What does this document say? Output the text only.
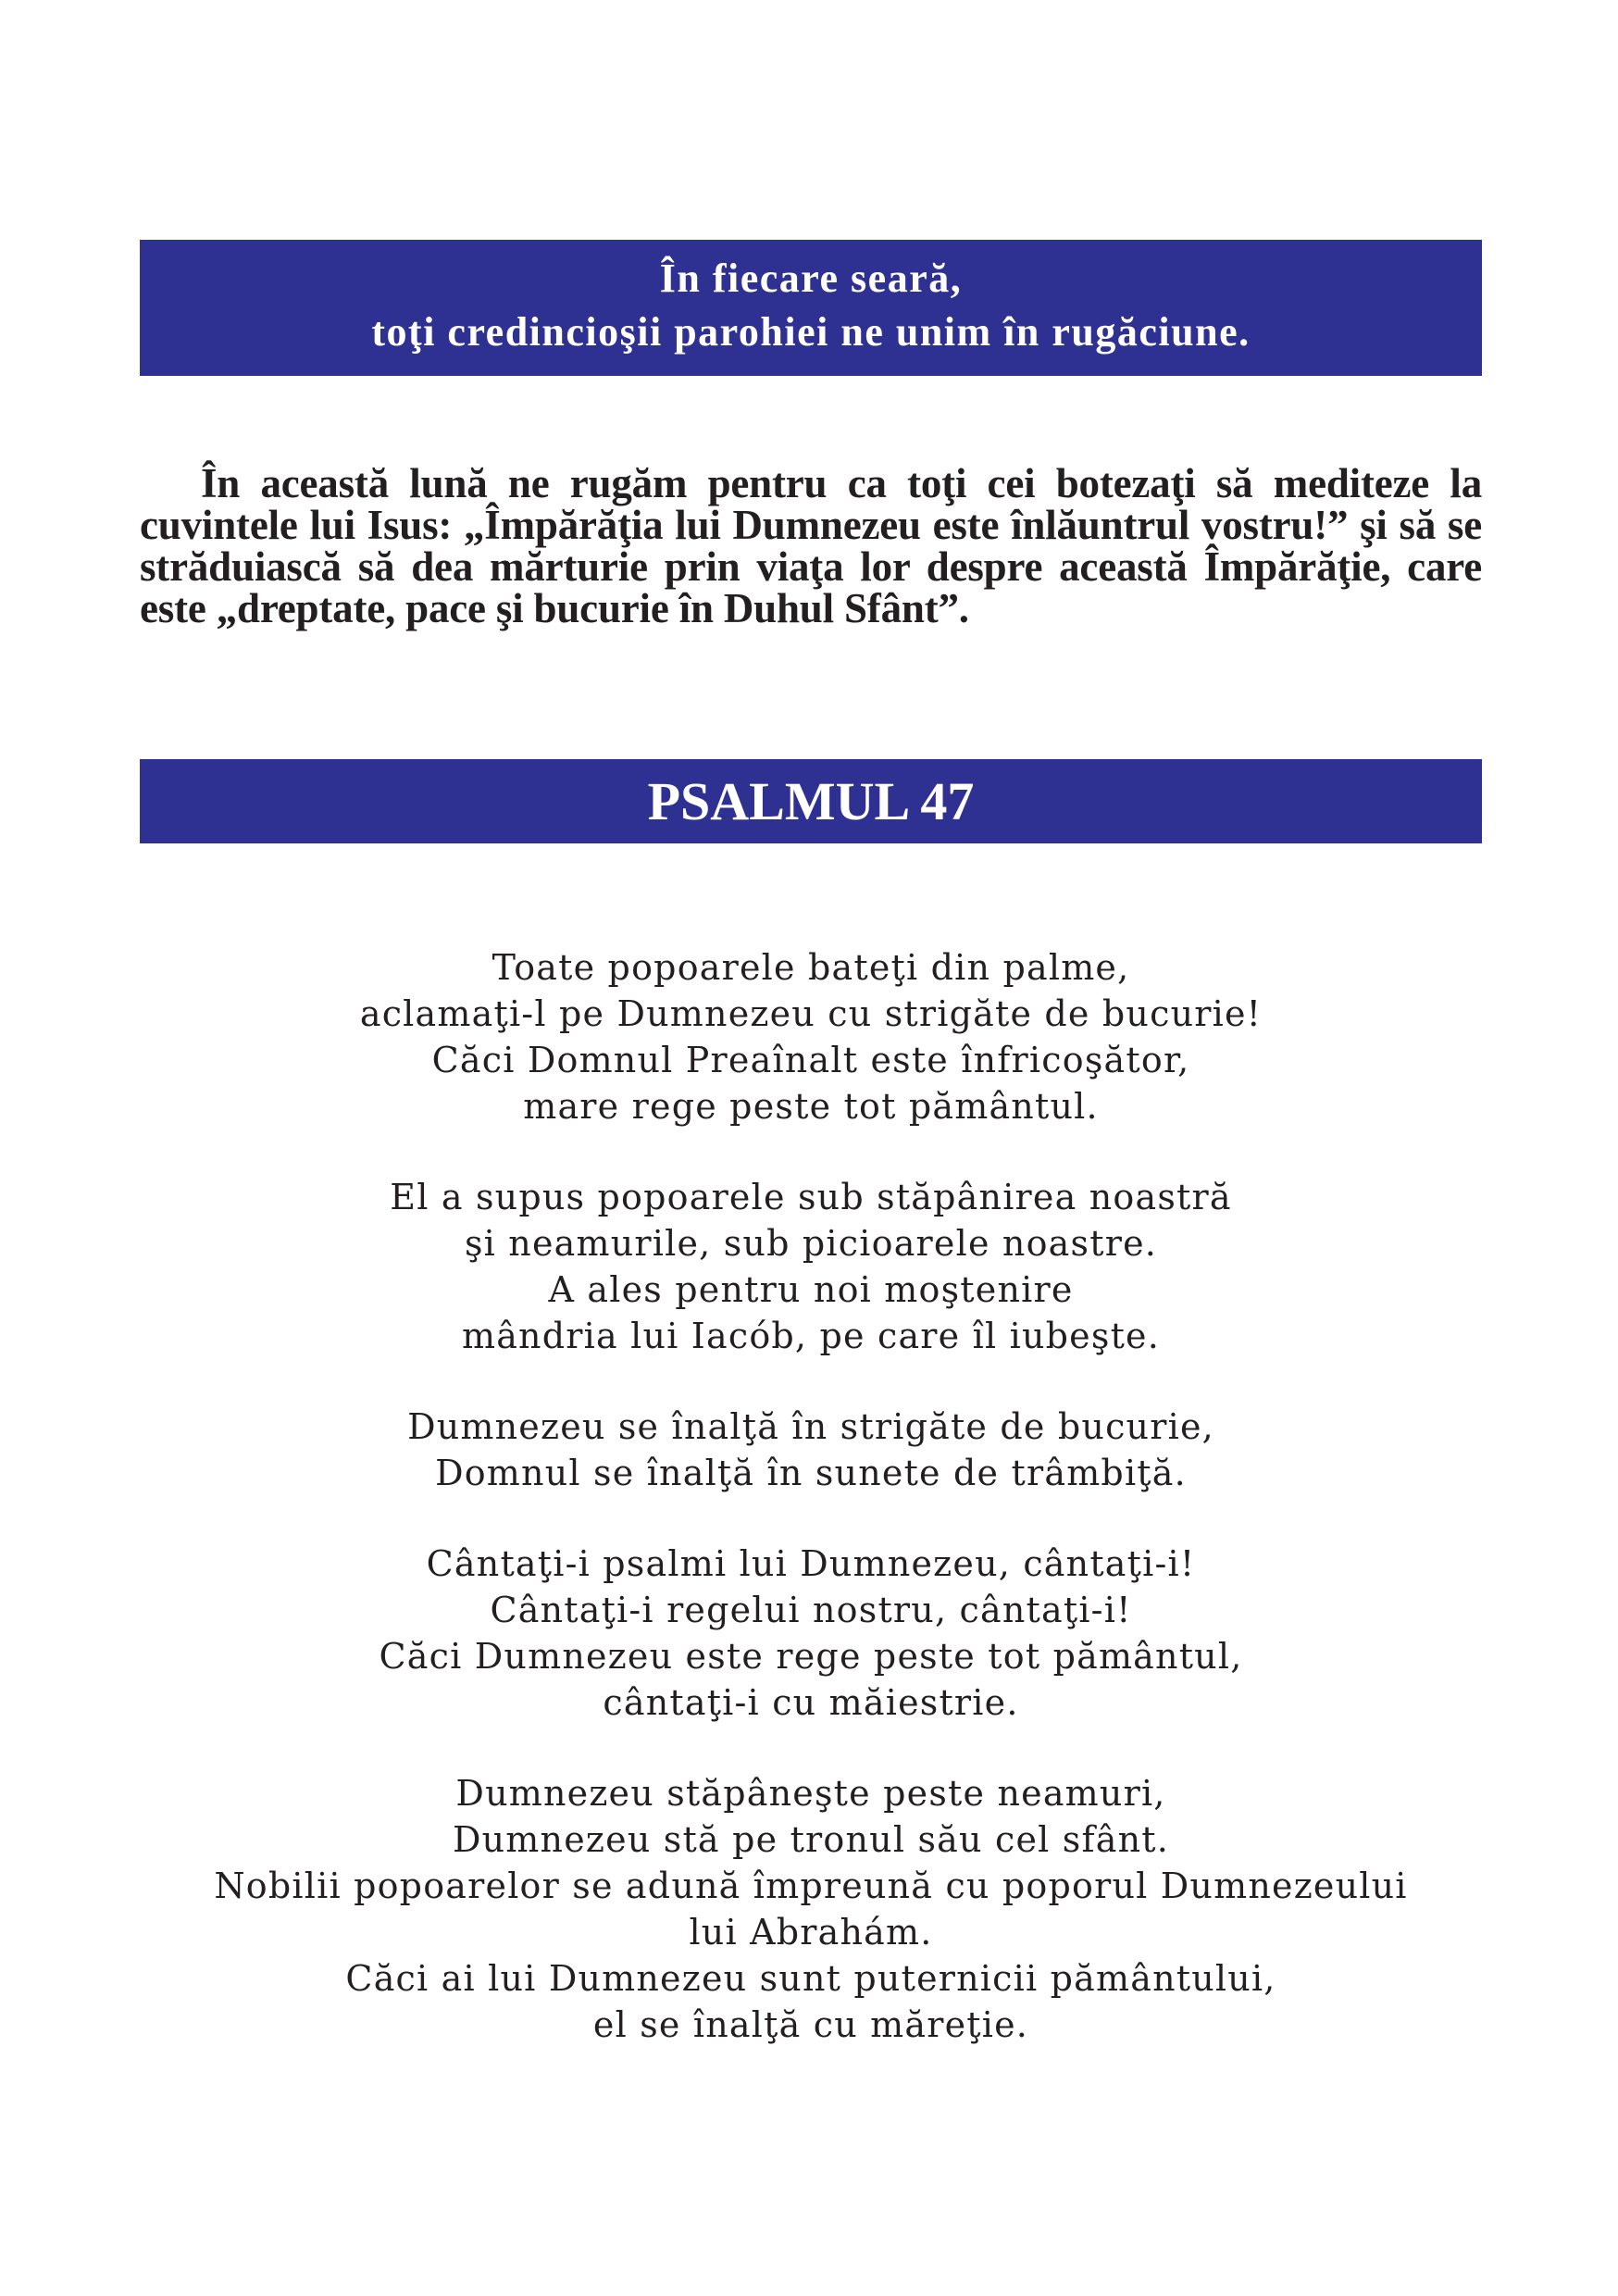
În fiecare seară,
toţi credincioşii parohiei ne unim în rugăciune.

În această lună ne rugăm pentru ca toţi cei botezaţi să mediteze la cuvintele lui Isus: „Împărăţia lui Dumnezeu este înlăuntrul vostru!” şi să se străduiască să dea mărturie prin viaţa lor despre această Împărăţie, care este „dreptate, pace şi bucurie în Duhul Sfânt”.

PSALMUL 47
Toate popoarele bateţi din palme,
aclamaţi-l pe Dumnezeu cu strigăte de bucurie!
Căci Domnul Preaînalt este înfricoşător,
mare rege peste tot pământul.
El a supus popoarele sub stăpânirea noastră
şi neamurile, sub picioarele noastre.
A ales pentru noi moştenire
mândria lui Iacób, pe care îl iubeşte.
Dumnezeu se înalţă în strigăte de bucurie,
Domnul se înalţă în sunete de trâmbiţă.
Cântaţi-i psalmi lui Dumnezeu, cântaţi-i!
Cântaţi-i regelui nostru, cântaţi-i!
Căci Dumnezeu este rege peste tot pământul,
cântaţi-i cu măiestrie.
Dumnezeu stăpâneşte peste neamuri,
Dumnezeu stă pe tronul său cel sfânt.
Nobilii popoarelor se adună împreună cu poporul Dumnezeului
lui Abrahám.
Căci ai lui Dumnezeu sunt puternicii pământului,
el se înalţă cu măreţie.
